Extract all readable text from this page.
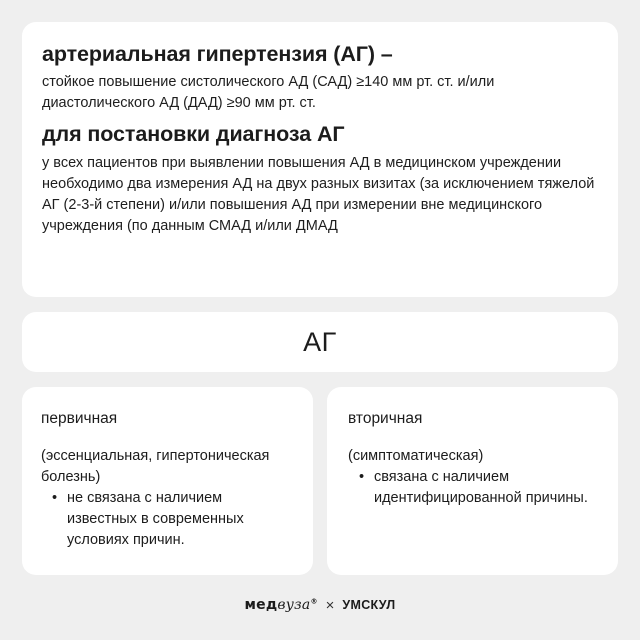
артериальная гипертензия (АГ) –
стойкое повышение систолического АД (САД) ≥140 мм рт. ст. и/или диастолического АД (ДАД) ≥90 мм рт. ст.
для постановки диагноза АГ
у всех пациентов при выявлении повышения АД в медицинском учреждении необходимо два измерения АД на двух разных визитах (за исключением тяжелой АГ (2-3-й степени) и/или повышения АД при измерении вне медицинского учреждения (по данным СМАД и/или ДМАД
АГ
первичная
(эссенциальная, гипертоническая болезнь)
• не связана с наличием известных в современных условиях причин.
вторичная
(симптоматическая)
• связана с наличием идентифицированной причины.
медвуза® × УМСКУЛ
